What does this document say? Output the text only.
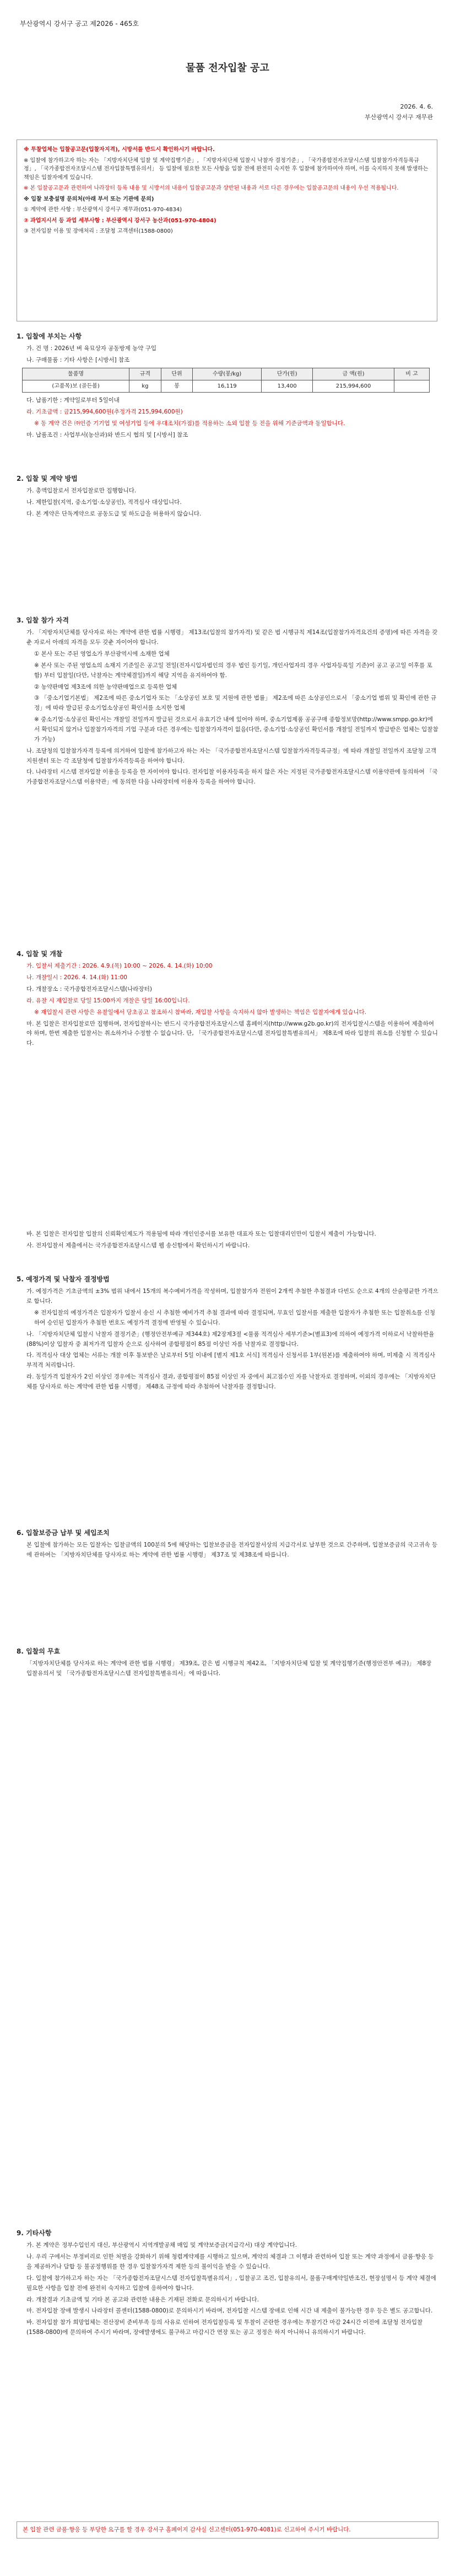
부산광역시 강서구 공고 제2026 - 465호
물품 전자입찰 공고
2026. 4. 6.
부산광역시 강서구 재무관

※ 투찰업체는 입찰공고문(입찰자지격), 시방서를 반드시 확인하시기 바랍니다.

※ 입찰에 참가하고자 하는 자는 「지방자치단체 입찰 및 계약집행기준」, 「지방자치단체 입찰시 낙찰자 결정기준」, 「국가종합전자조달시스템 입찰참가자격등록규정」, 「국가종합전자조달시스템 전자입찰특별유의서」 등 입찰에 필요한 모든 사항을 입찰 전에 완전히 숙지한 후 입찰에 참가하여야 하며, 이를 숙지하지 못해 발생하는 책임은 입찰자에게 있습니다.

※ 본 입찰공고문과 관련하여 나라장터 등록 내용 및 시방서의 내용이 입찰공고문과 상반된 내용과 서로 다른 경우에는 입찰공고문의 내용이 우선 적용됩니다.

※ 입찰 보충설명 문의처(아래 부서 또는 기관에 문의)

① 계약에 관한 사항 : 부산광역시 강서구 재무과(051-970-4834)

② 과업지시서 등 과업 세부사항 : 부산광역시 강서구 농산과(051-970-4804)

③ 전자입찰 이용 및 장애처리 : 조달청 고객센터(1588-0800)

1. 입찰에 부치는 사항

가. 건 명 : 2026년 벼 육묘상자 공동방제 농약 구입

나. 구매물품 : 기타 사항은 [시방서] 참조

물품명	규격	단위	수량(봉/kg)	단가(원)	금 액(원)	비 고
(고품목)보 (골든볼)	kg	봉	16,119	13,400	215,994,600	

다. 납품기한 : 계약일로부터 5일이내

라. 기초금액 : 금215,994,600원(추정가격 215,994,600원)

※ 동 계약 건은 ㈜인증 기기업 및 여성기업 등에 우대조치(가점)를 적용하는 소외 입찰 등 전을 위해 기준금액과 동일합니다.

마. 납품조건 : 사업부서(농산과)와 반드시 협의 및 [시방서] 참조

2. 입찰 및 계약 방법

가. 총액입찰로서 전자입찰로만 집행합니다.

나. 제한입찰(지역, 중소기업·소상공인), 적격심사 대상입니다.

다. 본 계약은 단독계약으로 공동도급 및 하도급을 허용하지 않습니다.

3. 입찰 참가 자격

가. 「지방자치단체를 당사자로 하는 계약에 관한 법률 시행령」 제13조(입찰의 참가자격) 및 같은 법 시행규칙 제14조(입찰참가자격요건의 증명)에 따른 자격을 갖춘 자로서 아래의 자격을 모두 갖춘 자이어야 합니다.

① 본사 또는 주된 영업소가 부산광역시에 소재한 업체

※ 본사 또는 주된 영업소의 소재지 기준일은 공고일 전일(전자시입자법인의 경우 법인 등기일, 개인사업자의 경우 사업자등록일 기준)이 공고 공고일 이후를 포함) 부터 입찰일(다만, 낙찰자는 계약체결일)까지 해당 지역을 유지하여야 함.

② 농약판매업 제3조에 의한 농약판매업으로 등록한 업체

③ 「중소기업기본법」 제2조에 따른 중소기업자 또는 「소상공인 보호 및 지원에 관한 법률」 제2조에 따른 소상공인으로서 「중소기업 범위 및 확인에 관한 규정」에 따라 발급된 중소기업소상공인 확인서를 소지한 업체

※ 중소기업·소상공인 확인서는 개찰일 전일까지 발급된 것으로서 유효기간 내에 있어야 하며, 중소기업제품 공공구매 종합정보망(http://www.smpp.go.kr)에서 확인되지 않거나 입찰참가자격의 기업 구분과 다른 경우에는 입찰참가자격이 없음(다만, 중소기업·소상공인 확인서를 개찰일 전일까지 발급받은 업체는 입찰참가 가능)

나. 조달청의 입찰참가자격 등록에 의거하여 입찰에 참가하고자 하는 자는 「국가종합전자조달시스템 입찰참가자격등록규정」에 따라 개찰일 전일까지 조달청 고객지원센터 또는 각 조달청에 입찰참가자격등록을 하여야 합니다.

다. 나라장터 시스템 전자입찰 이용을 등록을 한 자이어야 합니다. 전자입찰 이용자등록을 하지 않은 자는 지정된 국가종합전자조달시스템 이용약관에 동의하여 「국가종합전자조달시스템 이용약관」에 동의한 다음 나라장터에 이용자 등록을 하여야 합니다.

4. 입찰 및 개찰

가. 입찰서 제출기간 : 2026. 4.9.(목) 10:00 ~ 2026. 4. 14.(화) 10:00

나. 개찰일시 : 2026. 4. 14.(화) 11:00

다. 개찰장소 : 국가종합전자조달시스템(나라장터)

라. 유찰 시 재입찰로 당일 15:00까지 개찰은 당일 16:00입니다.

※ 재입찰시 관련 사항은 유찰일에서 당초공고 참조하시 참바라, 재입찰 사항을 숙지하시 않아 발생하는 책임은 입찰자에게 있습니다.

마. 본 입찰은 전자입찰로만 집행하며, 전자입찰하시는 반드시 국가종합전자조달시스템 홈페이지(http://www.g2b.go.kr)의 전자입찰시스템을 이용하여 제출하여야 하며, 한번 제출한 입찰서는 취소하거나 수정할 수 없습니다. 단, 「국가종합전자조달시스템 전자입찰특별유의서」 제8조에 따라 입찰의 취소를 신청할 수 있습니다.

바. 본 입찰은 전자입찰 입찰의 신뢰확인제도가 적용됨에 따라 개인인증서를 보유한 대표자 또는 입찰대리인만이 입찰서 제출이 가능합니다.

사. 전자입찰서 제출에서는 국가종합전자조달시스템 웹 송신함에서 확인하시기 바랍니다.

5. 예정가격 및 낙찰자 결정방법

가. 예정가격은 기초금액의 ±3% 범위 내에서 15개의 복수예비가격을 작성하며, 입찰참가자 전원이 2개씩 추첨한 추첨결과 다빈도 순으로 4개의 산술평균한 가격으로 합니다.

※ 전자입찰의 예정가격은 입찰자가 입찰서 송신 시 추첨한 예비가격 추첨 결과에 따라 결정되며, 무효인 입찰서를 제출한 입찰자가 추첨한 또는 입찰취소를 신청하여 승인된 입찰자가 추첨한 번호도 예정가격 결정에 반영될 수 있습니다.

나. 「지방자치단체 입찰시 낙찰자 결정기준」(행정안전부예규 제344호) 제2장제3절 <물품 적격심사 세부기준>(별표3)에 의하여 예정가격 이하로서 낙찰하한율(88%)이상 입찰자 중 최저가격 입찰자 순으로 심사하여 종합평점이 85점 이상인 자를 낙찰자로 결정합니다.

다. 적격심사 대상 업체는 서류는 개찰 이후 통보받은 날로부터 5일 이내에 [별지 제1호 서식] 적격심사 신청서류 1부(원본)를 제출하여야 하며, 미제출 시 적격심사 부적격 처리합니다.

라. 동일가격 입찰자가 2인 이상인 경우에는 적격심사 결과, 종합평점이 85점 이상인 자 중에서 최고점수인 자를 낙찰자로 결정하며, 이외의 경우에는 「지방자치단체를 당사자로 하는 계약에 관한 법률 시행령」 제48조 규정에 따라 추첨하여 낙찰자를 결정합니다.

6. 입찰보증금 납부 및 세입조치

본 입찰에 참가하는 모든 입찰자는 입찰금액의 100분의 5에 해당하는 입찰보증금을 전자입찰서상의 지급각서로 납부한 것으로 간주하며, 입찰보증금의 국고귀속 등에 관하여는 「지방자치단체를 당사자로 하는 계약에 관한 법률 시행령」 제37조 및 제38조에 따릅니다.

8. 입찰의 무효

「지방자치단체를 당사자로 하는 계약에 관한 법률 시행령」 제39조, 같은 법 시행규칙 제42조, 「지방자치단체 입찰 및 계약집행기준(행정안전부 예규)」 제8장 입찰유의서 및 「국가종합전자조달시스템 전자입찰특별유의서」에 따릅니다.

9. 기타사항

가. 본 계약은 정부수입인지 대신, 부산광역시 지역개발공채 매입 및 계약보증금(지급각서) 대상 계약입니다.

나. 우리 구에서는 부정비리로 인한 처벌을 강화하기 위해 청렴계약제를 시행하고 있으며, 계약의 체결과 그 이행과 관련하여 입찰 또는 계약 과정에서 금품·향응 등을 제공하거나 담합 등 불공정행위를 한 경우 입찰참가자격 제한 등의 불이익을 받을 수 있습니다.

다. 입찰에 참가하고자 하는 자는 「국가종합전자조달시스템 전자입찰특별유의서」, 입찰공고 조건, 입찰유의서, 물품구매계약일반조건, 현장설명서 등 계약 체결에 필요한 사항을 입찰 전에 완전히 숙지하고 입찰에 응하여야 합니다.

라. 개찰결과 기초금액 및 기타 본 공고와 관련한 내용은 기재된 전화로 문의하시기 바랍니다.

마. 전자입찰 장애 발생시 나라장터 콜센터(1588-0800)로 문의하시기 바라며, 전자입찰 시스템 장애로 인해 시간 내 제출이 불가능한 경우 등은 별도 공고합니다.

바. 전자입찰 참가 희망업체는 전산장비 준비부족 등의 사유로 인하여 전자입찰등록 및 투찰이 곤란한 경우에는 투찰기간 마감 24시간 이전에 조달청 전자입찰(1588-0800)에 문의하여 주시기 바라며, 장애발생에도 불구하고 마감시간 연장 또는 공고 정정은 하지 아니하니 유의하시기 바랍니다.

본 입찰 관련 금품·향응 등 부당한 요구를 할 경우 강서구 홈페이지 감사실 신고센터(051-970-4081)로 신고하여 주시기 바랍니다.
